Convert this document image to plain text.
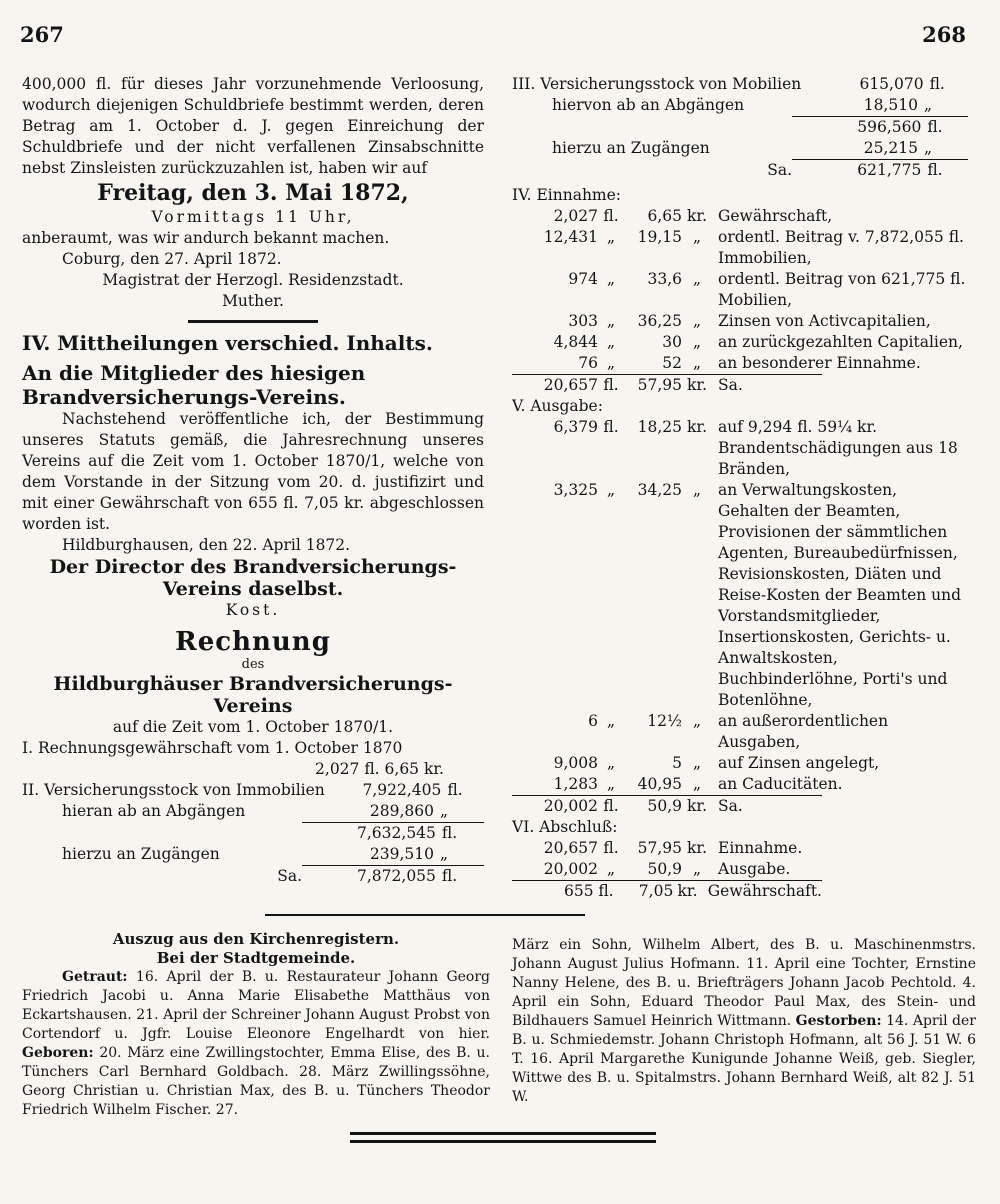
267	268
400,000 fl. für dieses Jahr vorzunehmende Verloosung, wodurch diejenigen Schuldbriefe bestimmt werden, deren Betrag am 1. October d. J. gegen Einreichung der Schuldbriefe und der nicht verfallenen Zinsabschnitte nebst Zinsleisten zurückzuzahlen ist, haben wir auf
Freitag, den 3. Mai 1872,
Vormittags 11 Uhr,
anberaumt, was wir andurch bekannt machen.
Coburg, den 27. April 1872.
Magistrat der Herzogl. Residenzstadt.
Muther.
IV. Mittheilungen verschied. Inhalts.
An die Mitglieder des hiesigen Brandversicherungs-Vereins.
Nachstehend veröffentliche ich, der Bestimmung unseres Statuts gemäß, die Jahresrechnung unseres Vereins auf die Zeit vom 1. October 1870/1, welche von dem Vorstande in der Sitzung vom 20. d. justifizirt und mit einer Gewährschaft von 655 fl. 7,05 kr. abgeschlossen worden ist.
Hildburghausen, den 22. April 1872.
Der Director des Brandversicherungs-Vereins daselbst.
Kost.
Rechnung
des
Hildburghäuser Brandversicherungs-Vereins
auf die Zeit vom 1. October 1870/1.
I. Rechnungsgewährschaft vom 1. October 1870
2,027 fl. 6,65 kr.
II. Versicherungsstock von Immobilien	7,922,405 fl.
hieran ab an Abgängen	289,860 „
7,632,545 fl.
hierzu an Zugängen	239,510 „
Sa.	7,872,055 fl.
III. Versicherungsstock von Mobilien	615,070 fl.
hiervon ab an Abgängen	18,510 „
596,560 fl.
hierzu an Zugängen	25,215 „
Sa.	621,775 fl.
IV. Einnahme:
2,027 fl.	6,65 kr. Gewährschaft,
12,431 „	19,15 „	ordentl. Beitrag v. 7,872,055 fl. Immobilien,
974 „	33,6 „	ordentl. Beitrag von 621,775 fl. Mobilien,
303 „	36,25 „	Zinsen von Activcapitalien,
4,844 „	30 „	an zurückgezahlten Capitalien,
76 „	52 „	an besonderer Einnahme.
20,657 fl.	57,95 kr. Sa.
V. Ausgabe:
6,379 fl.	18,25 kr. auf 9,294 fl. 59¼ kr. Brandentschädigungen aus 18 Bränden,
3,325 „	34,25 „	an Verwaltungskosten, Gehalten der Beamten, Provisionen der sämmtlichen Agenten, Bureaubedürfnissen, Revisionskosten, Diäten und Reise-Kosten der Beamten und Vorstandsmitglieder, Insertionskosten, Gerichts- u. Anwaltskosten, Buchbinderlöhne, Porti's und Botenlöhne,
6 „	12½ „	an außerordentlichen Ausgaben,
9,008 „	5 „	auf Zinsen angelegt,
1,283 „	40,95 „	an Caducitäten.
20,002 fl.	50,9 kr. Sa.
VI. Abschluß:
20,657 fl.	57,95 kr. Einnahme.
20,002 „	50,9 „	Ausgabe.
655 fl.	7,05 kr. Gewährschaft.
Auszug aus den Kirchenregistern.
Bei der Stadtgemeinde.
Getraut: 16. April der B. u. Restaurateur Johann Georg Friedrich Jacobi u. Anna Marie Elisabethe Matthäus von Eckartshausen. 21. April der Schreiner Johann August Probst von Cortendorf u. Jgfr. Louise Eleonore Engelhardt von hier. Geboren: 20. März eine Zwillingstochter, Emma Elise, des B. u. Tünchers Carl Bernhard Goldbach. 28. März Zwillingssöhne, Georg Christian u. Christian Max, des B. u. Tünchers Theodor Friedrich Wilhelm Fischer. 27.
März ein Sohn, Wilhelm Albert, des B. u. Maschinenmstrs. Johann August Julius Hofmann. 11. April eine Tochter, Ernstine Nanny Helene, des B. u. Briefträgers Johann Jacob Pechtold. 4. April ein Sohn, Eduard Theodor Paul Max, des Stein- und Bildhauers Samuel Heinrich Wittmann. Gestorben: 14. April der B. u. Schmiedemstr. Johann Christoph Hofmann, alt 56 J. 51 W. 6 T. 16. April Margarethe Kunigunde Johanne Weiß, geb. Siegler, Wittwe des B. u. Spitalmstrs. Johann Bernhard Weiß, alt 82 J. 51 W.
